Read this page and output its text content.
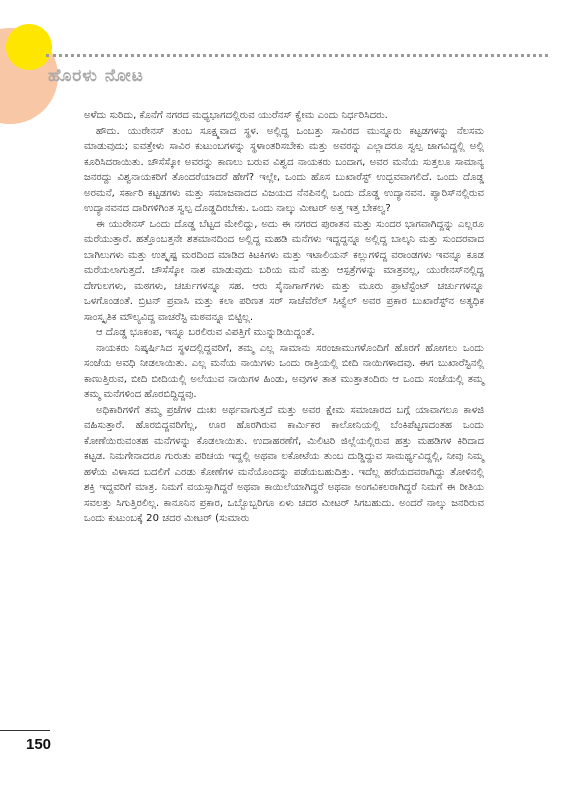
ಹೊರಳು ನೋಟ

ಅಳೆದು ಸುರಿದು, ಕೊನೆಗೆ ನಗರದ ಮಧ್ಯಭಾಗದಲ್ಲಿರುವ ಯುರೆನಸ್ ಕ್ವೇಮ ಎಂದು ನಿರ್ಧರಿಸಿದರು.

ಹೌದು. ಯುರೇನಸ್ ತುಂಬ ಸೂಕ್ಷ್ಮವಾದ ಸ್ಥಳ. ಅಲ್ಲಿದ್ದ ಒಂಬತ್ತು ಸಾವಿರದ ಮುನ್ನೂರು ಕಟ್ಟಡಗಳನ್ನು ನೆಲಸಮ ಮಾಡುವುದು; ಐವತ್ತೇಳು ಸಾವಿರ ಕುಟುಂಬಗಳನ್ನು ಸ್ಥಳಾಂತರಿಸಬೇಕು ಮತ್ತು ಅವರನ್ನು ಎಲ್ಲಾದರೂ ಸ್ವಲ್ಪ ಜಾಗವಿದ್ದಲ್ಲಿ ಅಲ್ಲಿ ಕೂರಿಸಿದರಾಯಿತು. ಚೌಸೆಸ್ಕೋ ಅವರನ್ನು ಕಾಣಲು ಬರುವ ವಿಶ್ವದ ನಾಯಕರು ಬಂದಾಗ, ಅವರ ಮನೆಯ ಸುತ್ತಲೂ ಸಾಮಾನ್ಯ ಜನರದ್ದು ವಿಶ್ವನಾಯಕರಿಗೆ ತೊಂದರೆಯಾದರೆ ಹೇಗೆ? ಇಲ್ಲೇ, ಒಂದು ಹೊಸ ಬುಖಾರೆಸ್ಟ್ ಉದ್ಭವವಾಗಲಿದೆ. ಒಂದು ದೊಡ್ಡ ಅರಮನೆ, ಸರ್ಕಾರಿ ಕಟ್ಟಡಗಳು ಮತ್ತು ಸಮಾಜವಾದದ ವಿಜಯದ ನೆನಪಿನಲ್ಲಿ ಒಂದು ದೊಡ್ಡ ಉದ್ಯಾನವನ. ಪ್ಯಾರಿಸ್‌ನಲ್ಲಿರುವ ಉದ್ಯಾನವನದ ದಾರಿಗಳಿಗಿಂತ ಸ್ವಲ್ಪ ದೊಡ್ಡದಿರಬೇಕು. ಒಂದು ನಾಲ್ಕು ಮೀಟರ್ ಅತ್ತ ಇತ್ತ ಬೇಕಲ್ವ?

ಈ ಯುರೇನಸ್ ಒಂದು ದೊಡ್ಡ ಬೆಟ್ಟದ ಮೇಲಿದ್ದು, ಅದು ಈ ನಗರದ ಪುರಾತನ ಮತ್ತು ಸುಂದರ ಭಾಗವಾಗಿದ್ದನ್ನು ಎಲ್ಲರೂ ಮರೆಯುತ್ತಾರೆ. ಹತ್ತೊಂಬತ್ತನೇ ಶತಮಾನದಿಂದ ಅಲ್ಲಿದ್ದ ಮಹಡಿ ಮನೆಗಳು ಇದ್ದದ್ದನ್ನೂ ಅಲ್ಲಿದ್ದ ಬಾಲ್ಕನಿ ಮತ್ತು ಸುಂದರವಾದ ಬಾಗಿಲುಗಳು ಮತ್ತು ಉತ್ಕೃಷ್ಟ ಮರದಿಂದ ಮಾಡಿದ ಕಿಟಕಿಗಳು ಮತ್ತು ಇಟಾಲಿಯನ್ ಕಲ್ಲುಗಳಿದ್ದ ವರಾಂಡಗಳು ಇವನ್ನೂ ಕೂಡ ಮರೆಯಲಾಗುತ್ತದೆ. ಚೌಸೆಸ್ಕೋ ನಾಶ ಮಾಡುವುದು ಬರಿಯ ಮನೆ ಮತ್ತು ಆಸ್ಪತ್ರೆಗಳನ್ನು ಮಾತ್ರವಲ್ಲ, ಯುರೇನಸ್‌ನಲ್ಲಿದ್ದ ದೇಗುಲಗಳು, ಮಠಗಳು, ಚರ್ಚುಗಳನ್ನೂ ಸಹ. ಆರು ಸೈನಾಗಾಗ್‌ಗಳು ಮತ್ತು ಮೂರು ಪ್ರಾಟೆಸ್ಟೆಂಟ್ ಚರ್ಚುಗಳನ್ನೂ ಒಳಗೊಂಡಂತೆ. ಬ್ರಿಟನ್ ಪ್ರವಾಸಿ ಮತ್ತು ಕಲಾ ಪರಿಣತ ಸರ್ ಸಾಚೆವೆರೆಲ್ ಸಿಟ್ವೆಲ್ ಅವರ ಪ್ರಕಾರ ಬುಖಾರೆಸ್ಟ್‌ನ ಅತ್ಯಧಿಕ ಸಾಂಸ್ಕೃತಿಕ ಮೌಲ್ಯವಿದ್ದ ವಾಚರೆಸ್ಟಿ ಮಠವನ್ನೂ ಬಿಟ್ಟಿಲ್ಲ.

ಆ ದೊಡ್ಡ ಭೂಕಂಪ, ಇನ್ನೂ ಬರಲಿರುವ ವಿಪತ್ತಿಗೆ ಮುನ್ನುಡಿಯಿದ್ದಂತೆ.

ನಾಯಕರು ನಿಷ್ಕರ್ಷಿಸಿದ ಸ್ಥಳದಲ್ಲಿದ್ದವರಿಗೆ, ತಮ್ಮ ಎಲ್ಲ ಸಾಮಾನು ಸರಂಜಾಮುಗಳೊಂದಿಗೆ ಹೊರಗೆ ಹೋಗಲು ಒಂದು ಸಂಜೆಯ ಅವಧಿ ನೀಡಲಾಯಿತು. ಎಲ್ಲ ಮನೆಯ ನಾಯಿಗಳು ಒಂದು ರಾತ್ರಿಯಲ್ಲಿ ಬೀದಿ ನಾಯಿಗಳಾದವು. ಈಗ ಬುಖಾರೆಸ್ಟಿನಲ್ಲಿ ಕಾಣುತ್ತಿರುವ, ಬೀದಿ ಬೀದಿಯಲ್ಲಿ ಅಲೆಯುವ ನಾಯಿಗಳ ಹಿಂಡು, ಅವುಗಳ ತಾತ ಮುತ್ತಾತಂದಿರು ಆ ಒಂದು ಸಂಜೆಯಲ್ಲಿ ತಮ್ಮ ತಮ್ಮ ಮನೆಗಳಿಂದ ಹೊರಬಿದ್ದಿದ್ದವು.

ಅಧಿಕಾರಿಗಳಿಗೆ ತಮ್ಮ ಪ್ರಜೆಗಳ ದುಃಖ ಅರ್ಥವಾಗುತ್ತದೆ ಮತ್ತು ಅವರ ಕ್ಷೇಮ ಸಮಾಚಾರದ ಬಗ್ಗೆ ಯಾವಾಗಲೂ ಕಾಳಜಿ ವಹಿಸುತ್ತಾರೆ. ಹೊರಬಿದ್ದವರಿಗೆಲ್ಲ, ಊರ ಹೊರಗಿರುವ ಕಾರ್ಮಿಕರ ಕಾಲೋನಿಯಲ್ಲಿ ಬೆಂಕಿಪೆಟ್ಟಣದಂತಹ ಒಂದು ಕೋಣೆಯಿರುವಂತಹ ಮನೆಗಳನ್ನು ಕೊಡಲಾಯಿತು. ಉದಾಹರಣೆಗೆ, ಮಿಲಿಟರಿ ಜಿಲ್ಲೆಯಲ್ಲಿರುವ ಹತ್ತು ಮಹಡಿಗಳ ಕಿರಿದಾದ ಕಟ್ಟಡ. ನಿಮಗೇನಾದರೂ ಗುರುತು ಪರಿಚಯ ಇದ್ದಲ್ಲಿ ಅಥವಾ ಲಕೋಟೆಯ ತುಂಬ ದುಡ್ಡಿದ್ದುವ ಸಾಮರ್ಥ್ಯವಿದ್ದಲ್ಲಿ, ನೀವು ನಿಮ್ಮ ಹಳೆಯ ವಿಳಾಸದ ಬದಲಿಗೆ ಎರಡು ಕೋಣೆಗಳ ಮನೆಯೊಂದನ್ನು ಪಡೆಯಬಹುದಿತ್ತು. ಇದೆಲ್ಲ ಹರೆಯದವರಾಗಿದ್ದು ತೋಳಿನಲ್ಲಿ ಶಕ್ತಿ ಇದ್ದವರಿಗೆ ಮಾತ್ರ. ನಿಮಗೆ ವಯಸ್ಸಾಗಿದ್ದರೆ ಅಥವಾ ಕಾಯಿಲೆಯಾಗಿದ್ದರೆ ಅಥವಾ ಅಂಗವಿಕಲರಾಗಿದ್ದರೆ ನಿಮಗೆ ಈ ರೀತಿಯ ಸವಲತ್ತು ಸಿಗುತ್ತಿರಲಿಲ್ಲ. ಕಾನೂನಿನ ಪ್ರಕಾರ, ಒಬ್ಬೊಬ್ಬರಿಗೂ ಏಳು ಚದರ ಮೀಟರ್ ಸಿಗಬಹುದು. ಅಂದರೆ ನಾಲ್ಕು ಜನರಿರುವ ಒಂದು ಕುಟುಂಬಕ್ಕೆ 20 ಚದರ ಮೀಟರ್ (ಸುಮಾರು

150
